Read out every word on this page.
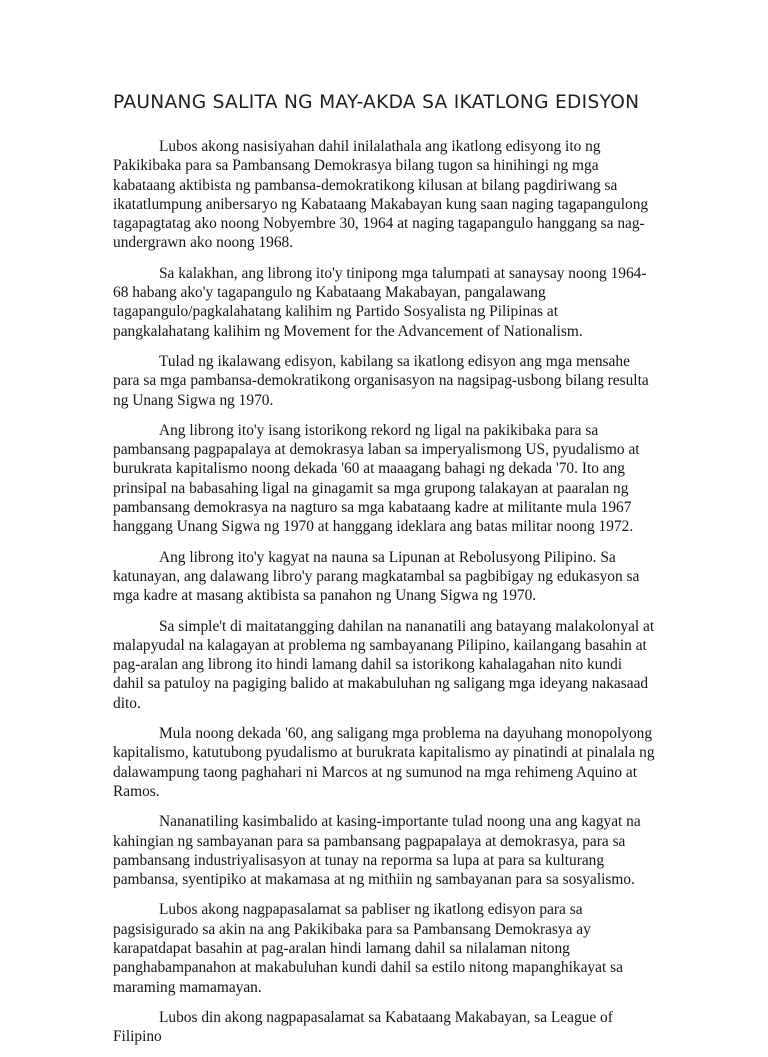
PAUNANG SALITA NG MAY-AKDA SA IKATLONG EDISYON

Lubos akong nasisiyahan dahil inilalathala ang ikatlong edisyong ito ng Pakikibaka para sa Pambansang Demokrasya bilang tugon sa hinihingi ng mga kabataang aktibista ng pambansa-demokratikong kilusan at bilang pagdiriwang sa ikatatlumpung anibersaryo ng Kabataang Makabayan kung saan naging tagapangulong tagapagtatag ako noong Nobyembre 30, 1964 at naging tagapangulo hanggang sa nag-undergrawn ako noong 1968.

Sa kalakhan, ang librong ito'y tinipong mga talumpati at sanaysay noong 1964-68 habang ako'y tagapangulo ng Kabataang Makabayan, pangalawang tagapangulo/pagkalahatang kalihim ng Partido Sosyalista ng Pilipinas at pangkalahatang kalihim ng Movement for the Advancement of Nationalism.

Tulad ng ikalawang edisyon, kabilang sa ikatlong edisyon ang mga mensahe para sa mga pambansa-demokratikong organisasyon na nagsipag-usbong bilang resulta ng Unang Sigwa ng 1970.

Ang librong ito'y isang istorikong rekord ng ligal na pakikibaka para sa pambansang pagpapalaya at demokrasya laban sa imperyalismong US, pyudalismo at burukrata kapitalismo noong dekada '60 at maaagang bahagi ng dekada '70. Ito ang prinsipal na babasahing ligal na ginagamit sa mga grupong talakayan at paaralan ng pambansang demokrasya na nagturo sa mga kabataang kadre at militante mula 1967 hanggang Unang Sigwa ng 1970 at hanggang ideklara ang batas militar noong 1972.

Ang librong ito'y kagyat na nauna sa Lipunan at Rebolusyong Pilipino. Sa katunayan, ang dalawang libro'y parang magkatambal sa pagbibigay ng edukasyon sa mga kadre at masang aktibista sa panahon ng Unang Sigwa ng 1970.

Sa simple't di maitatangging dahilan na nananatili ang batayang malakolonyal at malapyudal na kalagayan at problema ng sambayanang Pilipino, kailangang basahin at pag-aralan ang librong ito hindi lamang dahil sa istorikong kahalagahan nito kundi dahil sa patuloy na pagiging balido at makabuluhan ng saligang mga ideyang nakasaad dito.

Mula noong dekada '60, ang saligang mga problema na dayuhang monopolyong kapitalismo, katutubong pyudalismo at burukrata kapitalismo ay pinatindi at pinalala ng dalawampung taong paghahari ni Marcos at ng sumunod na mga rehimeng Aquino at Ramos.

Nananatiling kasimbalido at kasing-importante tulad noong una ang kagyat na kahingian ng sambayanan para sa pambansang pagpapalaya at demokrasya, para sa pambansang industriyalisasyon at tunay na reporma sa lupa at para sa kulturang pambansa, syentipiko at makamasa at ng mithiin ng sambayanan para sa sosyalismo.

Lubos akong nagpapasalamat sa pabliser ng ikatlong edisyon para sa pagsisigurado sa akin na ang Pakikibaka para sa Pambansang Demokrasya ay karapatdapat basahin at pag-aralan hindi lamang dahil sa nilalaman nitong panghabampanahon at makabuluhan kundi dahil sa estilo nitong mapanghikayat sa maraming mamamayan.

Lubos din akong nagpapasalamat sa Kabataang Makabayan, sa League of Filipino
